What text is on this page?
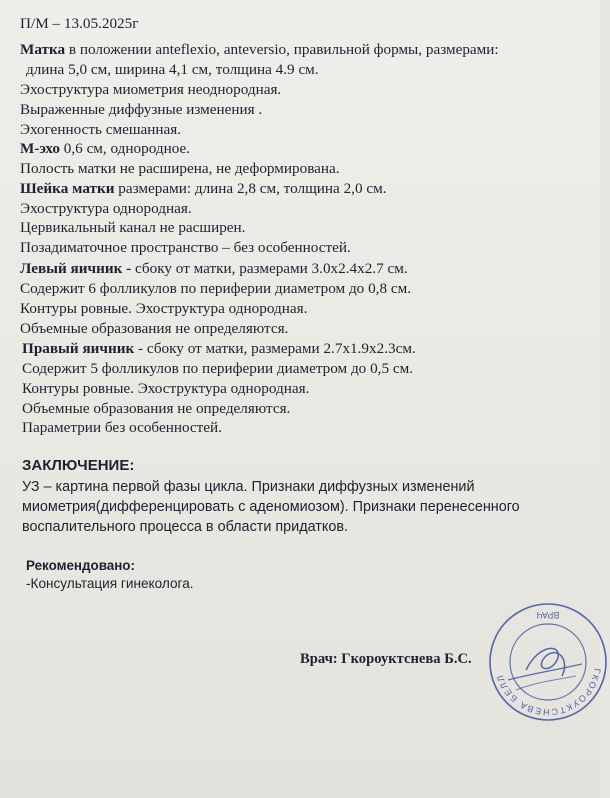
П/М – 13.05.2025г
Матка в положении anteflexio, anteversio, правильной формы, размерами:
длина 5,0 см, ширина 4,1 см, толщина 4.9 см.
Эхоструктура миометрия неоднородная.
Выраженные диффузные изменения .
Эхогенность смешанная.
М-эхо 0,6 см, однородное.
Полость матки не расширена, не деформирована.
Шейка матки размерами: длина 2,8 см, толщина 2,0 см.
Эхоструктура однородная.
Цервикальный канал не расширен.
Позадиматочное пространство – без особенностей.
Левый яичник - сбоку от матки, размерами 3.0x2.4x2.7 см.
Содержит 6 фолликулов по периферии диаметром до 0,8 см.
Контуры ровные. Эхоструктура однородная.
Объемные образования не определяются.
Правый яичник - сбоку от матки, размерами 2.7x1.9x2.3см.
Содержит 5 фолликулов по периферии диаметром до 0,5 см.
Контуры ровные. Эхоструктура однородная.
Объемные образования не определяются.
Параметрии без особенностей.
ЗАКЛЮЧЕНИЕ:
УЗ – картина первой фазы цикла. Признаки диффузных изменений
миометрия(дифференцировать с аденомиозом). Признаки перенесенного
воспалительного процесса в области придатков.
Рекомендовано:
-Консультация гинеколога.
Врач: Гкороуктснева Б.С.
ГКОРОУКТСНЕВА БЕЛЛ
ВРАЧ
